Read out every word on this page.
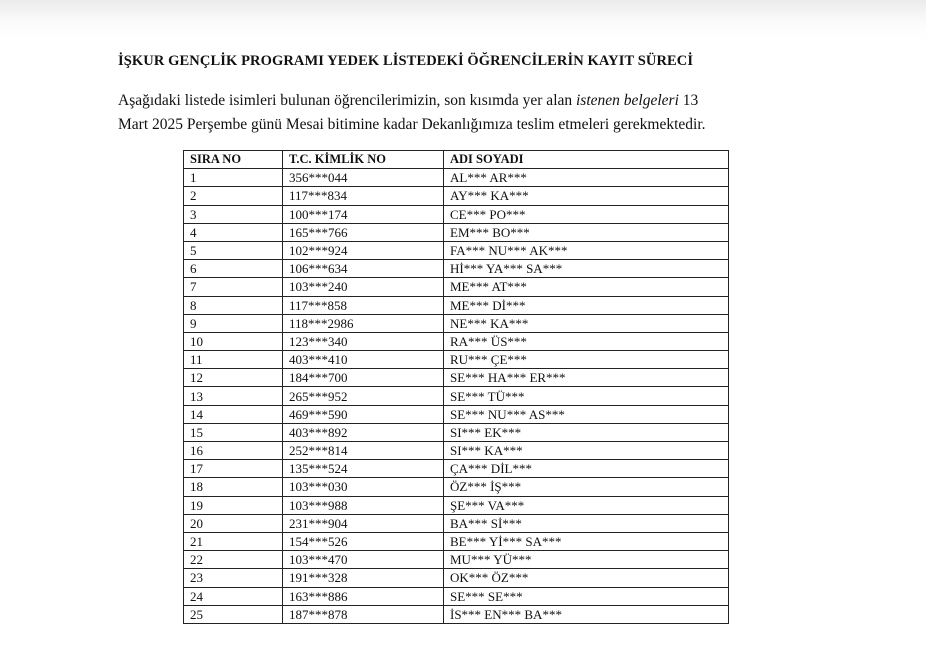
İŞKUR GENÇLİK PROGRAMI YEDEK LİSTEDEKİ ÖĞRENCİLERİN KAYIT SÜRECİ
Aşağıdaki listede isimleri bulunan öğrencilerimizin, son kısımda yer alan istenen belgeleri 13
Mart 2025 Perşembe günü Mesai bitimine kadar Dekanlığımıza teslim etmeleri gerekmektedir.
SIRA NO	T.C. KİMLİK NO	ADI SOYADI
1	356***044	AL*** AR***
2	117***834	AY*** KA***
3	100***174	CE*** PO***
4	165***766	EM*** BO***
5	102***924	FA*** NU*** AK***
6	106***634	Hİ*** YA*** SA***
7	103***240	ME*** AT***
8	117***858	ME*** Dİ***
9	118***2986	NE*** KA***
10	123***340	RA*** ÜS***
11	403***410	RU*** ÇE***
12	184***700	SE*** HA*** ER***
13	265***952	SE*** TÜ***
14	469***590	SE*** NU*** AS***
15	403***892	SI*** EK***
16	252***814	SI*** KA***
17	135***524	ÇA*** DİL***
18	103***030	ÖZ*** İŞ***
19	103***988	ŞE*** VA***
20	231***904	BA*** Sİ***
21	154***526	BE*** Yİ*** SA***
22	103***470	MU*** YÜ***
23	191***328	OK*** ÖZ***
24	163***886	SE*** SE***
25	187***878	İS*** EN*** BA***
